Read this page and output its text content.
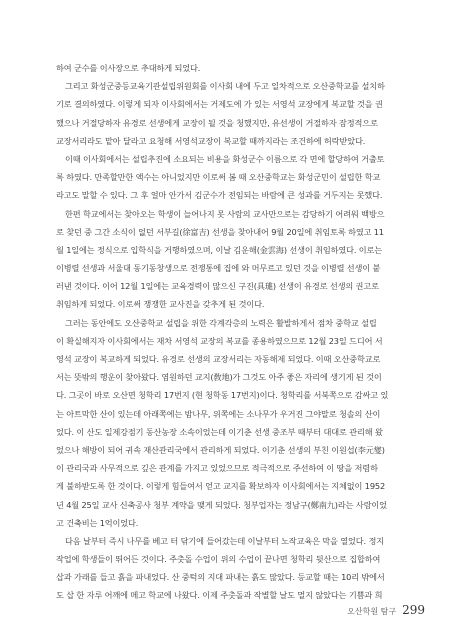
하여 군수를 이사장으로 추대하게 되었다.
그리고 화성군중등교육기관설립위원회를 이사회 내에 두고 일차적으로 오산중학교를 설치하
기로 결의하였다. 이렇게 되자 이사회에서는 거제도에 가 있는 서영석 교장에게 복교할 것을 권
했으나 거절당하자 유경로 선생에게 교장이 될 것을 청했지만, 유선생이 거절하자 잠정적으로
교장서리라도 맡아 달라고 요청해 서영석교장이 복교할 때까지라는 조건하에 허락받았다.
이때 이사회에서는 설립추진에 소요되는 비용을 화성군수 이름으로 각 면에 할당하여 거출토
록 하였다. 만족할만한 액수는 아니었지만 이로써 봄 때 오산중학교는 화성군민이 설립한 학교
라고도 말할 수 있다. 그 후 얼마 안가서 김군수가 전임되는 바람에 큰 성과를 거두지는 못했다.
한편 학교에서는 찾아오는 학생이 늘어나지 못 사람의 교사만으로는 감당하기 어려워 백방으
로 찾던 중 그간 소식이 없던 서부길(徐富吉) 선생을 찾아내어 9월 20일에 취임토록 하였고 11
월 1일에는 정식으로 입학식을 거행하였으며, 이날 김운해(金雲海) 선생이 취임하였다. 이로는
이병렬 선생과 서울대 동기동창생으로 전쟁통에 집에 와 머무르고 있던 것을 이병렬 선생이 붙
러낸 것이다. 이어 12월 1일에는 교육경력이 많으신 구진(具璡) 선생이 유경로 선생의 권고로
취임하게 되었다. 이로써 쟁쟁한 교사진을 갖추게 된 것이다.
그러는 동안에도 오산중학교 설립을 위한 각계각층의 노력은 활발하게서 점차 중학교 설립
이 확실해지자 이사회에서는 재차 서영석 교장의 복교를 종용하였으므로 12월 23일 드디어 서
영석 교장이 복교하게 되었다. 유경로 선생의 교장서리는 자동해제 되었다. 이때 오산중학교로
서는 뜻밖의 행운이 찾아왔다. 염원하던 교지(敎地)가 그것도 아주 좋은 자리에 생기게 된 것이
다. 그곳이 바로 오산면 청학리 17번지 (현 청학동 17번지)이다. 청학리를 서북쪽으로 감싸고 있
는 아트막한 산이 있는데 아래쪽에는 밤나무, 위쪽에는 소나무가 우거진 그야말로 청솔의 산이
었다. 이 산도 일제강점기 동산농장 소속이었는데 이기춘 선생 중조부 때부터 대대로 관리해 왔
었으나 해방이 되어 귀속 재산관리국에서 관리하게 되었다. 이기춘 선생의 부친 이원섭(李元燮)
이 관리국과 사무적으로 깊은 관계를 가지고 있었으므로 적극적으로 주선하여 이 땅을 저렴하
게 불하받도록 한 것이다. 이렇게 힘들여서 얻고 교지를 확보하자 이사회에서는 지체없이 1952
년 4월 25일 교사 신축공사 청부 계약을 맺게 되었다. 청부업자는 정남구(鄭南九)라는 사람이었
고 건축비는 1억이었다.
다음 날부터 즉시 나무를 베고 터 닦기에 들어갔는데 이날부터 노작교육은 막을 열었다. 정지
작업에 학생들이 뛰어든 것이다. 주춧돌 수업이 위의 수업이 끝나면 청학리 뒷산으로 집합하여
삽과 가래를 들고 흙을 파내었다. 산 중턱의 지대 파내는 흙도 많았다. 등교할 때는 10리 밖에서
도 삽 한 자루 어깨에 메고 학교에 나왔다. 이제 주춧돌과 작별할 날도 멀지 않았다는 기쁨과 희
오산학원 탐구 299
